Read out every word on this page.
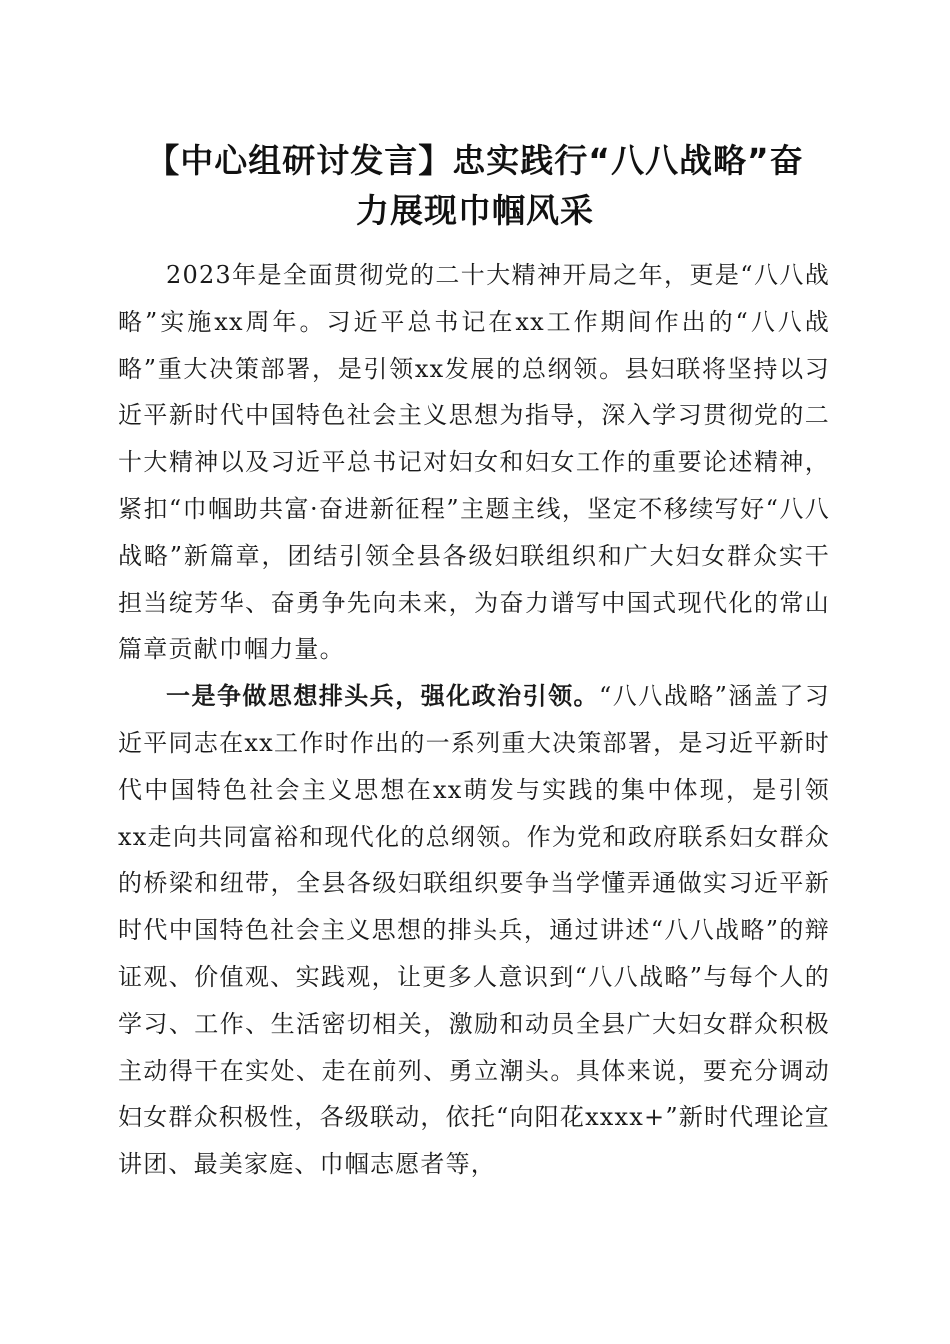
【中心组研讨发言】忠实践行“八八战略”奋
力展现巾帼风采

2023年是全面贯彻党的二十大精神开局之年，更是“八八战略”实施xx周年。习近平总书记在xx工作期间作出的“八八战略”重大决策部署，是引领xx发展的总纲领。县妇联将坚持以习近平新时代中国特色社会主义思想为指导，深入学习贯彻党的二十大精神以及习近平总书记对妇女和妇女工作的重要论述精神，紧扣“巾帼助共富·奋进新征程”主题主线，坚定不移续写好“八八战略”新篇章，团结引领全县各级妇联组织和广大妇女群众实干担当绽芳华、奋勇争先向未来，为奋力谱写中国式现代化的常山篇章贡献巾帼力量。

一是争做思想排头兵，强化政治引领。“八八战略”涵盖了习近平同志在xx工作时作出的一系列重大决策部署，是习近平新时代中国特色社会主义思想在xx萌发与实践的集中体现，是引领xx走向共同富裕和现代化的总纲领。作为党和政府联系妇女群众的桥梁和纽带，全县各级妇联组织要争当学懂弄通做实习近平新时代中国特色社会主义思想的排头兵，通过讲述“八八战略”的辩证观、价值观、实践观，让更多人意识到“八八战略”与每个人的学习、工作、生活密切相关，激励和动员全县广大妇女群众积极主动得干在实处、走在前列、勇立潮头。具体来说，要充分调动妇女群众积极性，各级联动，依托“向阳花xxxx+”新时代理论宣讲团、最美家庭、巾帼志愿者等，
